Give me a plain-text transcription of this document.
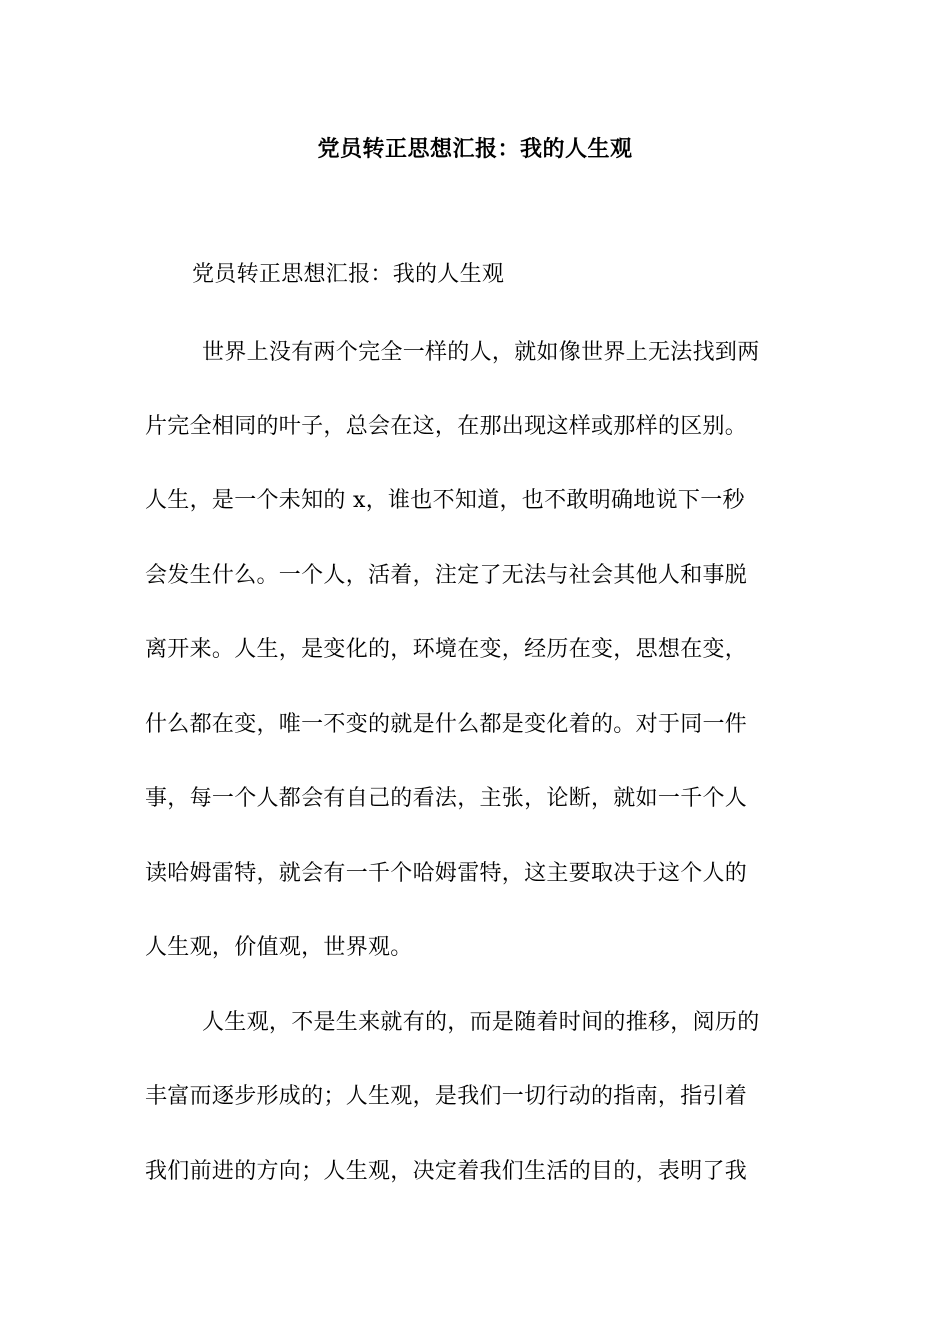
党员转正思想汇报：我的人生观
党员转正思想汇报：我的人生观
世界上没有两个完全一样的人，就如像世界上无法找到两
片完全相同的叶子，总会在这，在那出现这样或那样的区别。
人生，是一个未知的 x，谁也不知道，也不敢明确地说下一秒
会发生什么。一个人，活着，注定了无法与社会其他人和事脱
离开来。人生，是变化的，环境在变，经历在变，思想在变，
什么都在变，唯一不变的就是什么都是变化着的。对于同一件
事，每一个人都会有自己的看法，主张，论断，就如一千个人
读哈姆雷特，就会有一千个哈姆雷特，这主要取决于这个人的
人生观，价值观，世界观。
人生观，不是生来就有的，而是随着时间的推移，阅历的
丰富而逐步形成的；人生观，是我们一切行动的指南，指引着
我们前进的方向；人生观，决定着我们生活的目的，表明了我
